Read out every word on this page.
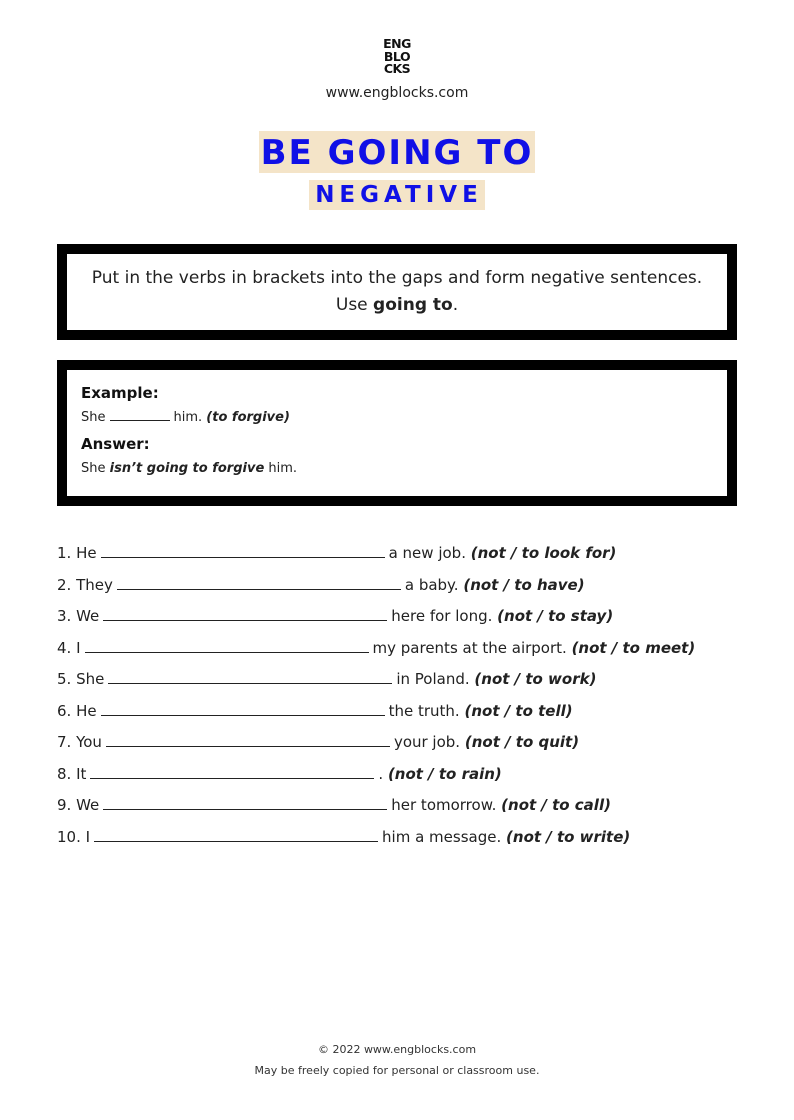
ENG
BLO
CKS
www.engblocks.com
BE GOING TO
NEGATIVE
Put in the verbs in brackets into the gaps and form negative sentences.
Use going to.
Example:
She	him. (to forgive)
Answer:
She isn’t going to forgive him.
1. He	a new job. (not / to look for)
2. They	a baby. (not / to have)
3. We	here for long. (not / to stay)
4. I	my parents at the airport. (not / to meet)
5. She	in Poland. (not / to work)
6. He	the truth. (not / to tell)
7. You	your job. (not / to quit)
8. It	. (not / to rain)
9. We	her tomorrow. (not / to call)
10. I	him a message. (not / to write)
© 2022 www.engblocks.com
May be freely copied for personal or classroom use.
